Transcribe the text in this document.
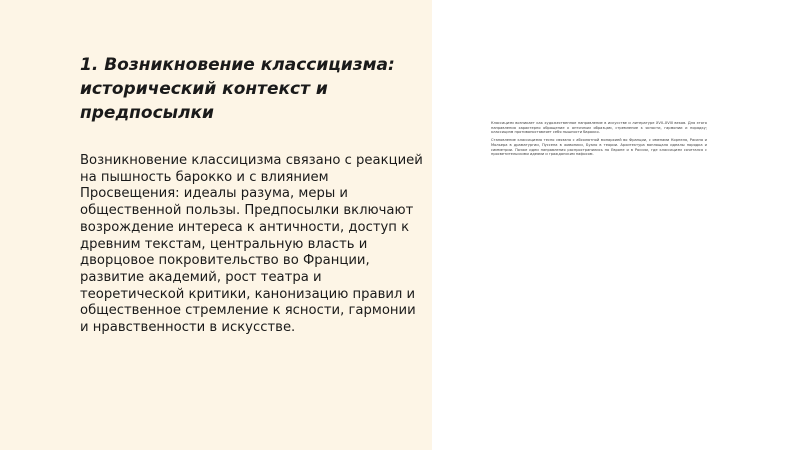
1. Возникновение классицизма: исторический контекст и предпосылки

Возникновение классицизма связано с реакцией на пышность барокко и с влиянием Просвещения: идеалы разума, меры и общественной пользы. Предпосылки включают возрождение интереса к античности, доступ к древним текстам, центральную власть и дворцовое покровительство во Франции, развитие академий, рост театра и теоретической критики, канонизацию правил и общественное стремление к ясности, гармонии и нравственности в искусстве.

Классицизм возникает как художественное направление в искусстве и литературе XVII–XVIII веков. Для этого направления характерно обращение к античным образцам, стремление к ясности, гармонии и порядку; классицизм противопоставляет себя пышности барокко.

Становление классицизма тесно связано с абсолютной монархией во Франции, с именами Корнеля, Расина и Мольера в драматургии, Пуссена в живописи, Буало в теории. Архитектура воплощала идеалы порядка и симметрии. Позже идеи направления распространились по Европе и в России, где классицизм сочетался с просветительскими идеями и гражданским пафосом.
